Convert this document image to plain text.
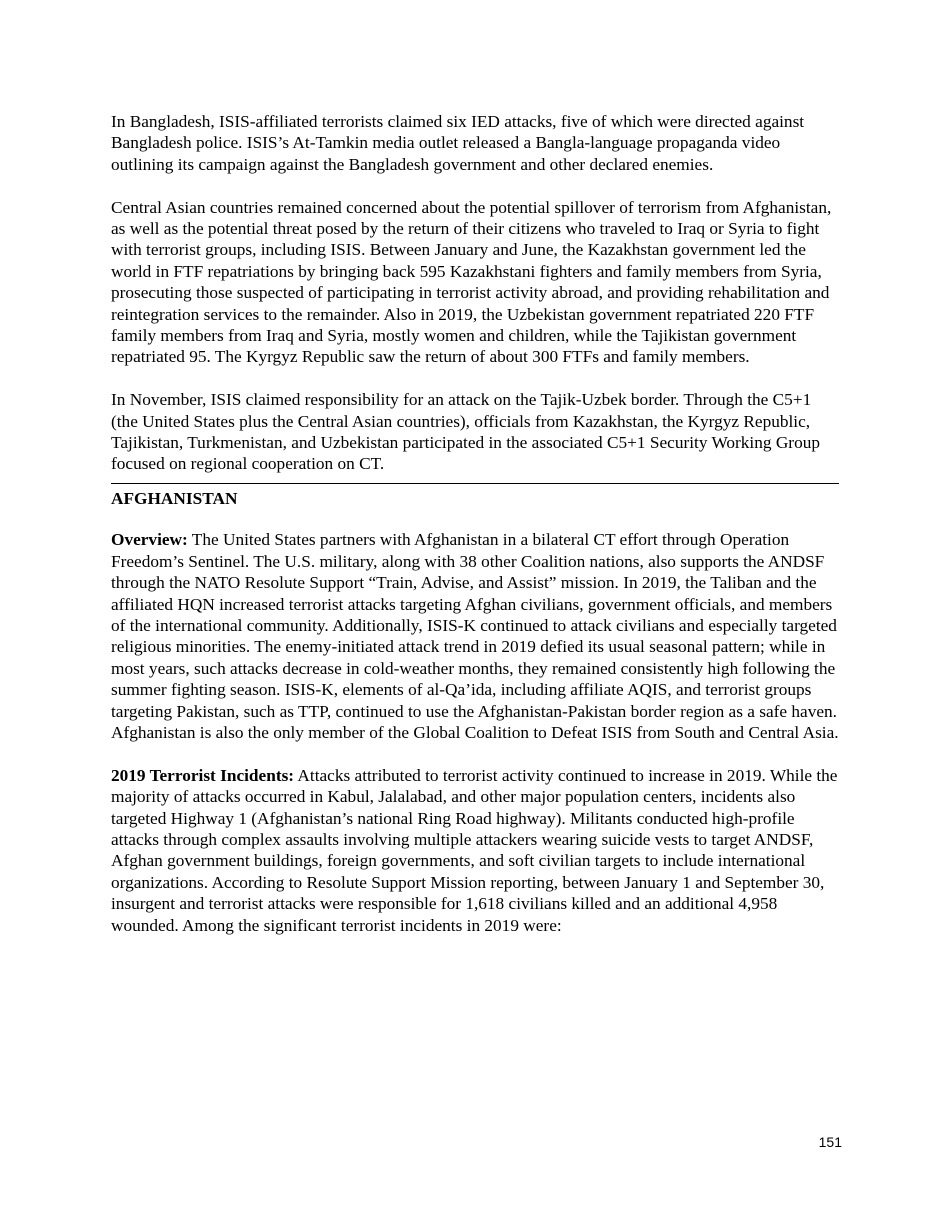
In Bangladesh, ISIS-affiliated terrorists claimed six IED attacks, five of which were directed against Bangladesh police. ISIS’s At-Tamkin media outlet released a Bangla-language propaganda video outlining its campaign against the Bangladesh government and other declared enemies.

Central Asian countries remained concerned about the potential spillover of terrorism from Afghanistan, as well as the potential threat posed by the return of their citizens who traveled to Iraq or Syria to fight with terrorist groups, including ISIS. Between January and June, the Kazakhstan government led the world in FTF repatriations by bringing back 595 Kazakhstani fighters and family members from Syria, prosecuting those suspected of participating in terrorist activity abroad, and providing rehabilitation and reintegration services to the remainder. Also in 2019, the Uzbekistan government repatriated 220 FTF family members from Iraq and Syria, mostly women and children, while the Tajikistan government repatriated 95. The Kyrgyz Republic saw the return of about 300 FTFs and family members.

In November, ISIS claimed responsibility for an attack on the Tajik-Uzbek border. Through the C5+1 (the United States plus the Central Asian countries), officials from Kazakhstan, the Kyrgyz Republic, Tajikistan, Turkmenistan, and Uzbekistan participated in the associated C5+1 Security Working Group focused on regional cooperation on CT.

AFGHANISTAN

Overview: The United States partners with Afghanistan in a bilateral CT effort through Operation Freedom’s Sentinel. The U.S. military, along with 38 other Coalition nations, also supports the ANDSF through the NATO Resolute Support “Train, Advise, and Assist” mission. In 2019, the Taliban and the affiliated HQN increased terrorist attacks targeting Afghan civilians, government officials, and members of the international community. Additionally, ISIS-K continued to attack civilians and especially targeted religious minorities. The enemy-initiated attack trend in 2019 defied its usual seasonal pattern; while in most years, such attacks decrease in cold-weather months, they remained consistently high following the summer fighting season. ISIS-K, elements of al-Qa’ida, including affiliate AQIS, and terrorist groups targeting Pakistan, such as TTP, continued to use the Afghanistan-Pakistan border region as a safe haven. Afghanistan is also the only member of the Global Coalition to Defeat ISIS from South and Central Asia.

2019 Terrorist Incidents: Attacks attributed to terrorist activity continued to increase in 2019. While the majority of attacks occurred in Kabul, Jalalabad, and other major population centers, incidents also targeted Highway 1 (Afghanistan’s national Ring Road highway). Militants conducted high-profile attacks through complex assaults involving multiple attackers wearing suicide vests to target ANDSF, Afghan government buildings, foreign governments, and soft civilian targets to include international organizations. According to Resolute Support Mission reporting, between January 1 and September 30, insurgent and terrorist attacks were responsible for 1,618 civilians killed and an additional 4,958 wounded. Among the significant terrorist incidents in 2019 were:

151
